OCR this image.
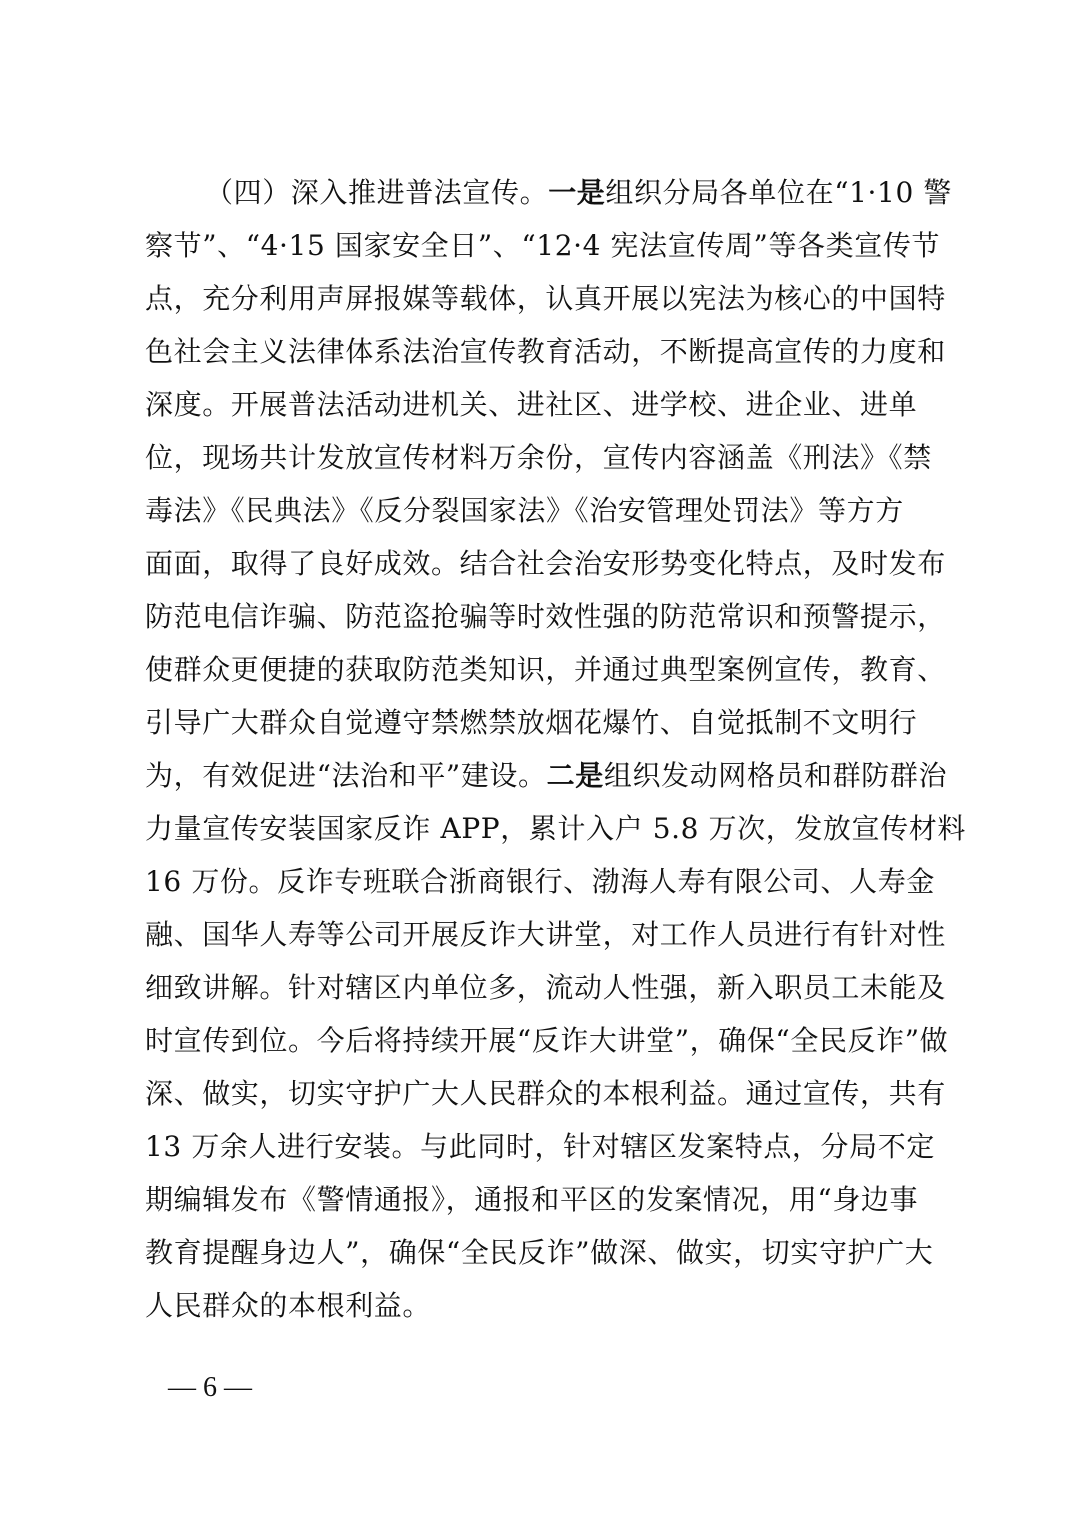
（四）深入推进普法宣传。一是组织分局各单位在“1·10 警
察节”、“4·15 国家安全日”、“12·4 宪法宣传周”等各类宣传节
点，充分利用声屏报媒等载体，认真开展以宪法为核心的中国特
色社会主义法律体系法治宣传教育活动，不断提高宣传的力度和
深度。开展普法活动进机关、进社区、进学校、进企业、进单
位，现场共计发放宣传材料万余份，宣传内容涵盖《刑法》《禁
毒法》《民典法》《反分裂国家法》《治安管理处罚法》等方方
面面，取得了良好成效。结合社会治安形势变化特点，及时发布
防范电信诈骗、防范盗抢骗等时效性强的防范常识和预警提示，
使群众更便捷的获取防范类知识，并通过典型案例宣传，教育、
引导广大群众自觉遵守禁燃禁放烟花爆竹、自觉抵制不文明行
为，有效促进“法治和平”建设。二是组织发动网格员和群防群治
力量宣传安装国家反诈 APP，累计入户 5.8 万次，发放宣传材料
16 万份。反诈专班联合浙商银行、渤海人寿有限公司、人寿金
融、国华人寿等公司开展反诈大讲堂，对工作人员进行有针对性
细致讲解。针对辖区内单位多，流动人性强，新入职员工未能及
时宣传到位。今后将持续开展“反诈大讲堂”，确保“全民反诈”做
深、做实，切实守护广大人民群众的本根利益。通过宣传，共有
13 万余人进行安装。与此同时，针对辖区发案特点，分局不定
期编辑发布《警情通报》，通报和平区的发案情况，用“身边事
教育提醒身边人”，确保“全民反诈”做深、做实，切实守护广大
人民群众的本根利益。
— 6 —
